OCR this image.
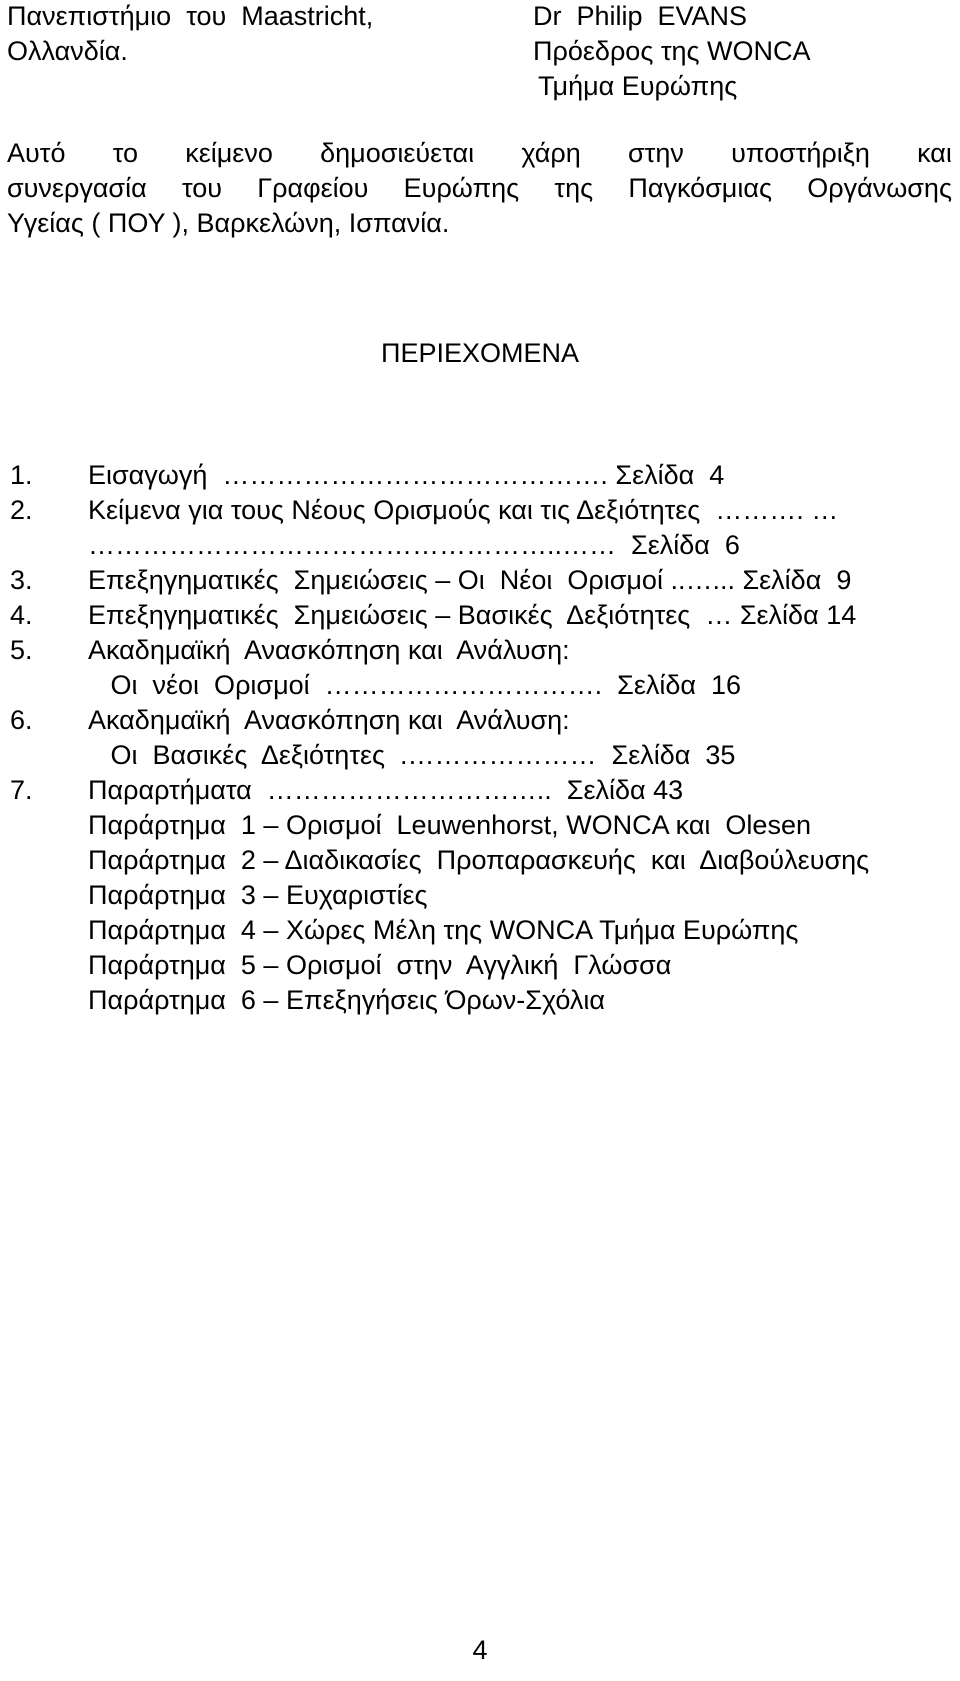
Πανεπιστήμιο  του  Maastricht,
Ολλανδία.
Dr  Philip  EVANS
Πρόεδρος της WONCA
Τμήμα Ευρώπης
Αυτό το κείμενο δημοσιεύεται χάρη στην υποστήριξη και
συνεργασία του Γραφείου Ευρώπης της Παγκόσμιας Οργάνωσης
Υγείας ( ΠΟΥ ), Βαρκελώνη, Ισπανία.
ΠΕΡΙΕΧΟΜΕΝΑ
1. Εισαγωγή  ……………………………………. Σελίδα  4
2. Κείμενα για τους Νέους Ορισμούς και τις Δεξιότητες  ………. …
……………………………………………..……  Σελίδα  6
3. Επεξηγηματικές  Σημειώσεις – Οι  Νέοι  Ορισμοί ..…... Σελίδα  9
4. Επεξηγηματικές  Σημειώσεις – Βασικές  Δεξιότητες  … Σελίδα 14
5. Ακαδημαϊκή  Ανασκόπηση και  Ανάλυση:
Οι  νέοι  Ορισμοί  ………………………….  Σελίδα  16
6. Ακαδημαϊκή  Ανασκόπηση και  Ανάλυση:
Οι  Βασικές  Δεξιότητες  .…………………  Σελίδα  35
7. Παραρτήματα  …………………………..  Σελίδα 43
Παράρτημα  1 – Ορισμοί  Leuwenhorst, WONCA και  Olesen
Παράρτημα  2 – Διαδικασίες  Προπαρασκευής  και  Διαβούλευσης
Παράρτημα  3 – Ευχαριστίες
Παράρτημα  4 – Χώρες Μέλη της WONCA Τμήμα Ευρώπης
Παράρτημα  5 – Ορισμοί  στην  Αγγλική  Γλώσσα
Παράρτημα  6 – Επεξηγήσεις Όρων-Σχόλια
4
